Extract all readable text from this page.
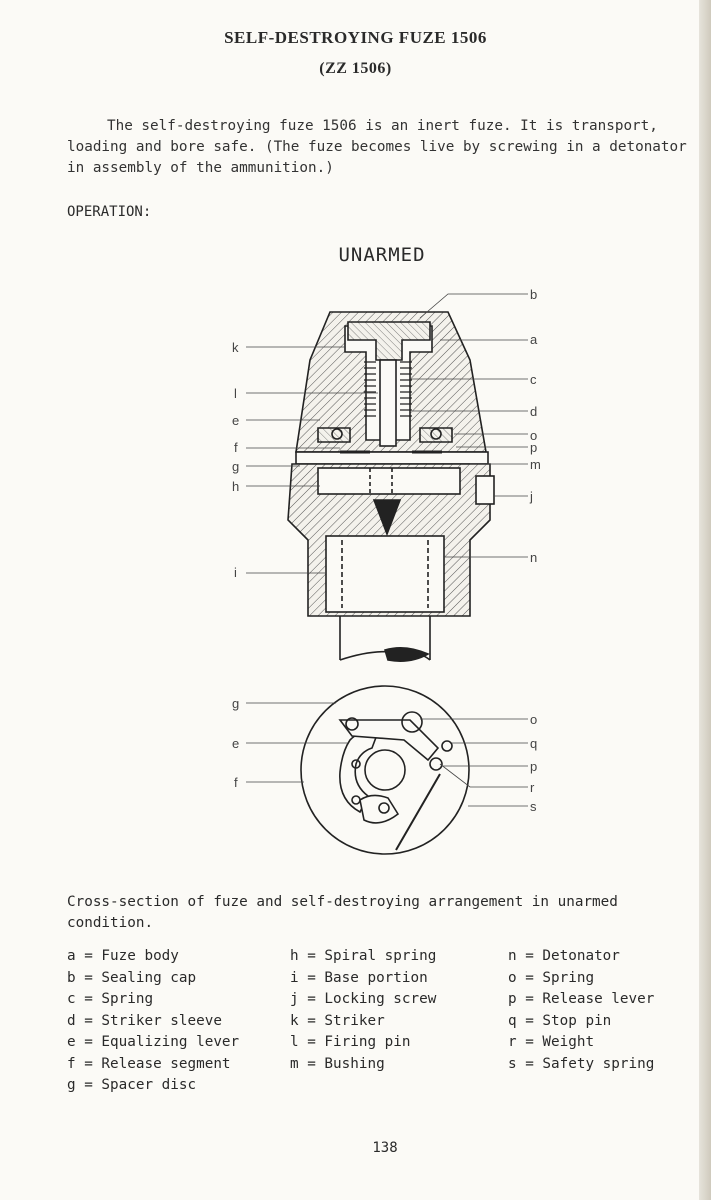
SELF-DESTROYING FUZE 1506
(ZZ 1506)
The self-destroying fuze 1506 is an inert fuze. It is transport, loading and bore safe. (The fuze becomes live by screwing in a detonator in assembly of the ammunition.)
OPERATION:
UNARMED
k
l
e
f
g
h
i
b
a
c
d
o
p
m
j
n
g
e
f
o
q
p
r
s
Cross-section of fuze and self-destroying arrangement in unarmed condition.
a = Fuze body
b = Sealing cap
c = Spring
d = Striker sleeve
e = Equalizing lever
f = Release segment
g = Spacer disc
h = Spiral spring
i = Base portion
j = Locking screw
k = Striker
l = Firing pin
m = Bushing
n = Detonator
o = Spring
p = Release lever
q = Stop pin
r = Weight
s = Safety spring
138
